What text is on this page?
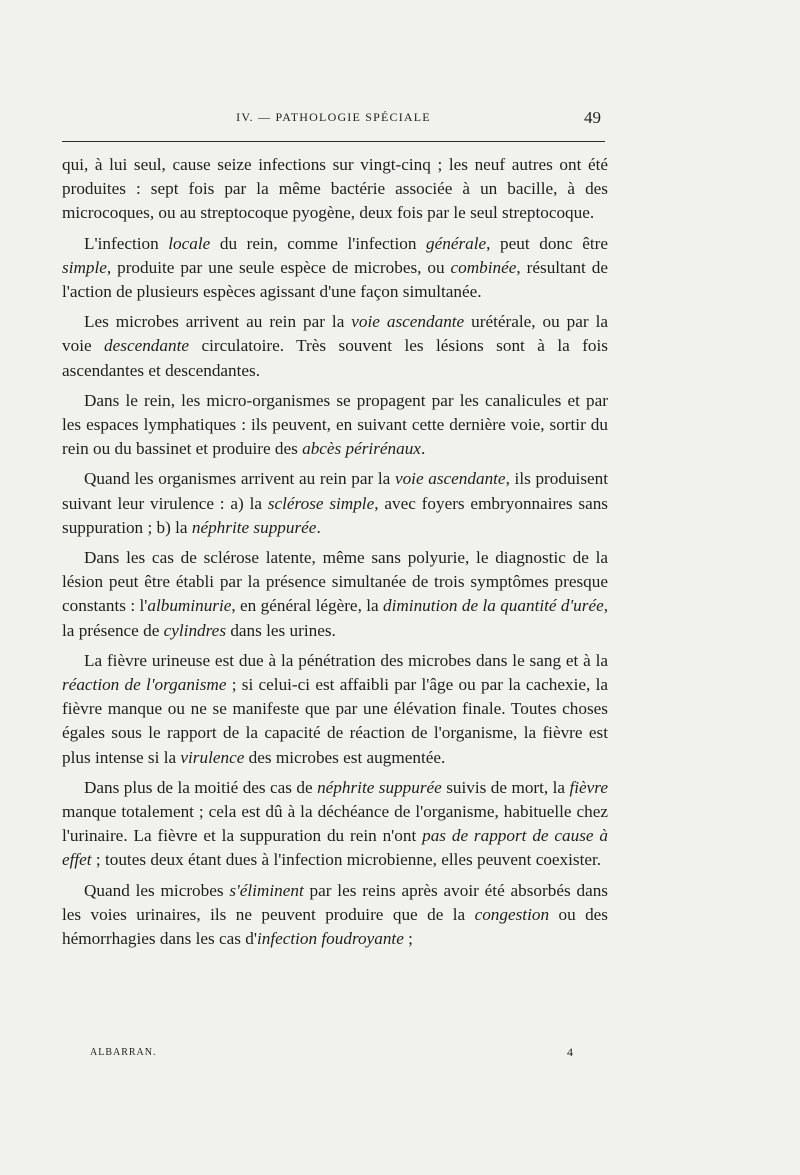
IV. — PATHOLOGIE SPÉCIALE	49

qui, à lui seul, cause seize infections sur vingt-cinq ; les neuf autres ont été produites : sept fois par la même bactérie associée à un bacille, à des microcoques, ou au streptocoque pyogène, deux fois par le seul streptocoque.

L'infection locale du rein, comme l'infection générale, peut donc être simple, produite par une seule espèce de microbes, ou combinée, résultant de l'action de plusieurs espèces agissant d'une façon simultanée.

Les microbes arrivent au rein par la voie ascendante urétérale, ou par la voie descendante circulatoire. Très souvent les lésions sont à la fois ascendantes et descendantes.

Dans le rein, les micro-organismes se propagent par les canalicules et par les espaces lymphatiques : ils peuvent, en suivant cette dernière voie, sortir du rein ou du bassinet et produire des abcès périrénaux.

Quand les organismes arrivent au rein par la voie ascendante, ils produisent suivant leur virulence : a) la sclérose simple, avec foyers embryonnaires sans suppuration ; b) la néphrite suppurée.

Dans les cas de sclérose latente, même sans polyurie, le diagnostic de la lésion peut être établi par la présence simultanée de trois symptômes presque constants : l'albuminurie, en général légère, la diminution de la quantité d'urée, la présence de cylindres dans les urines.

La fièvre urineuse est due à la pénétration des microbes dans le sang et à la réaction de l'organisme ; si celui-ci est affaibli par l'âge ou par la cachexie, la fièvre manque ou ne se manifeste que par une élévation finale. Toutes choses égales sous le rapport de la capacité de réaction de l'organisme, la fièvre est plus intense si la virulence des microbes est augmentée.

Dans plus de la moitié des cas de néphrite suppurée suivis de mort, la fièvre manque totalement ; cela est dû à la déchéance de l'organisme, habituelle chez l'urinaire. La fièvre et la suppuration du rein n'ont pas de rapport de cause à effet ; toutes deux étant dues à l'infection microbienne, elles peuvent coexister.

Quand les microbes s'éliminent par les reins après avoir été absorbés dans les voies urinaires, ils ne peuvent produire que de la congestion ou des hémorrhagies dans les cas d'infection foudroyante ;

ALBARRAN.	4
